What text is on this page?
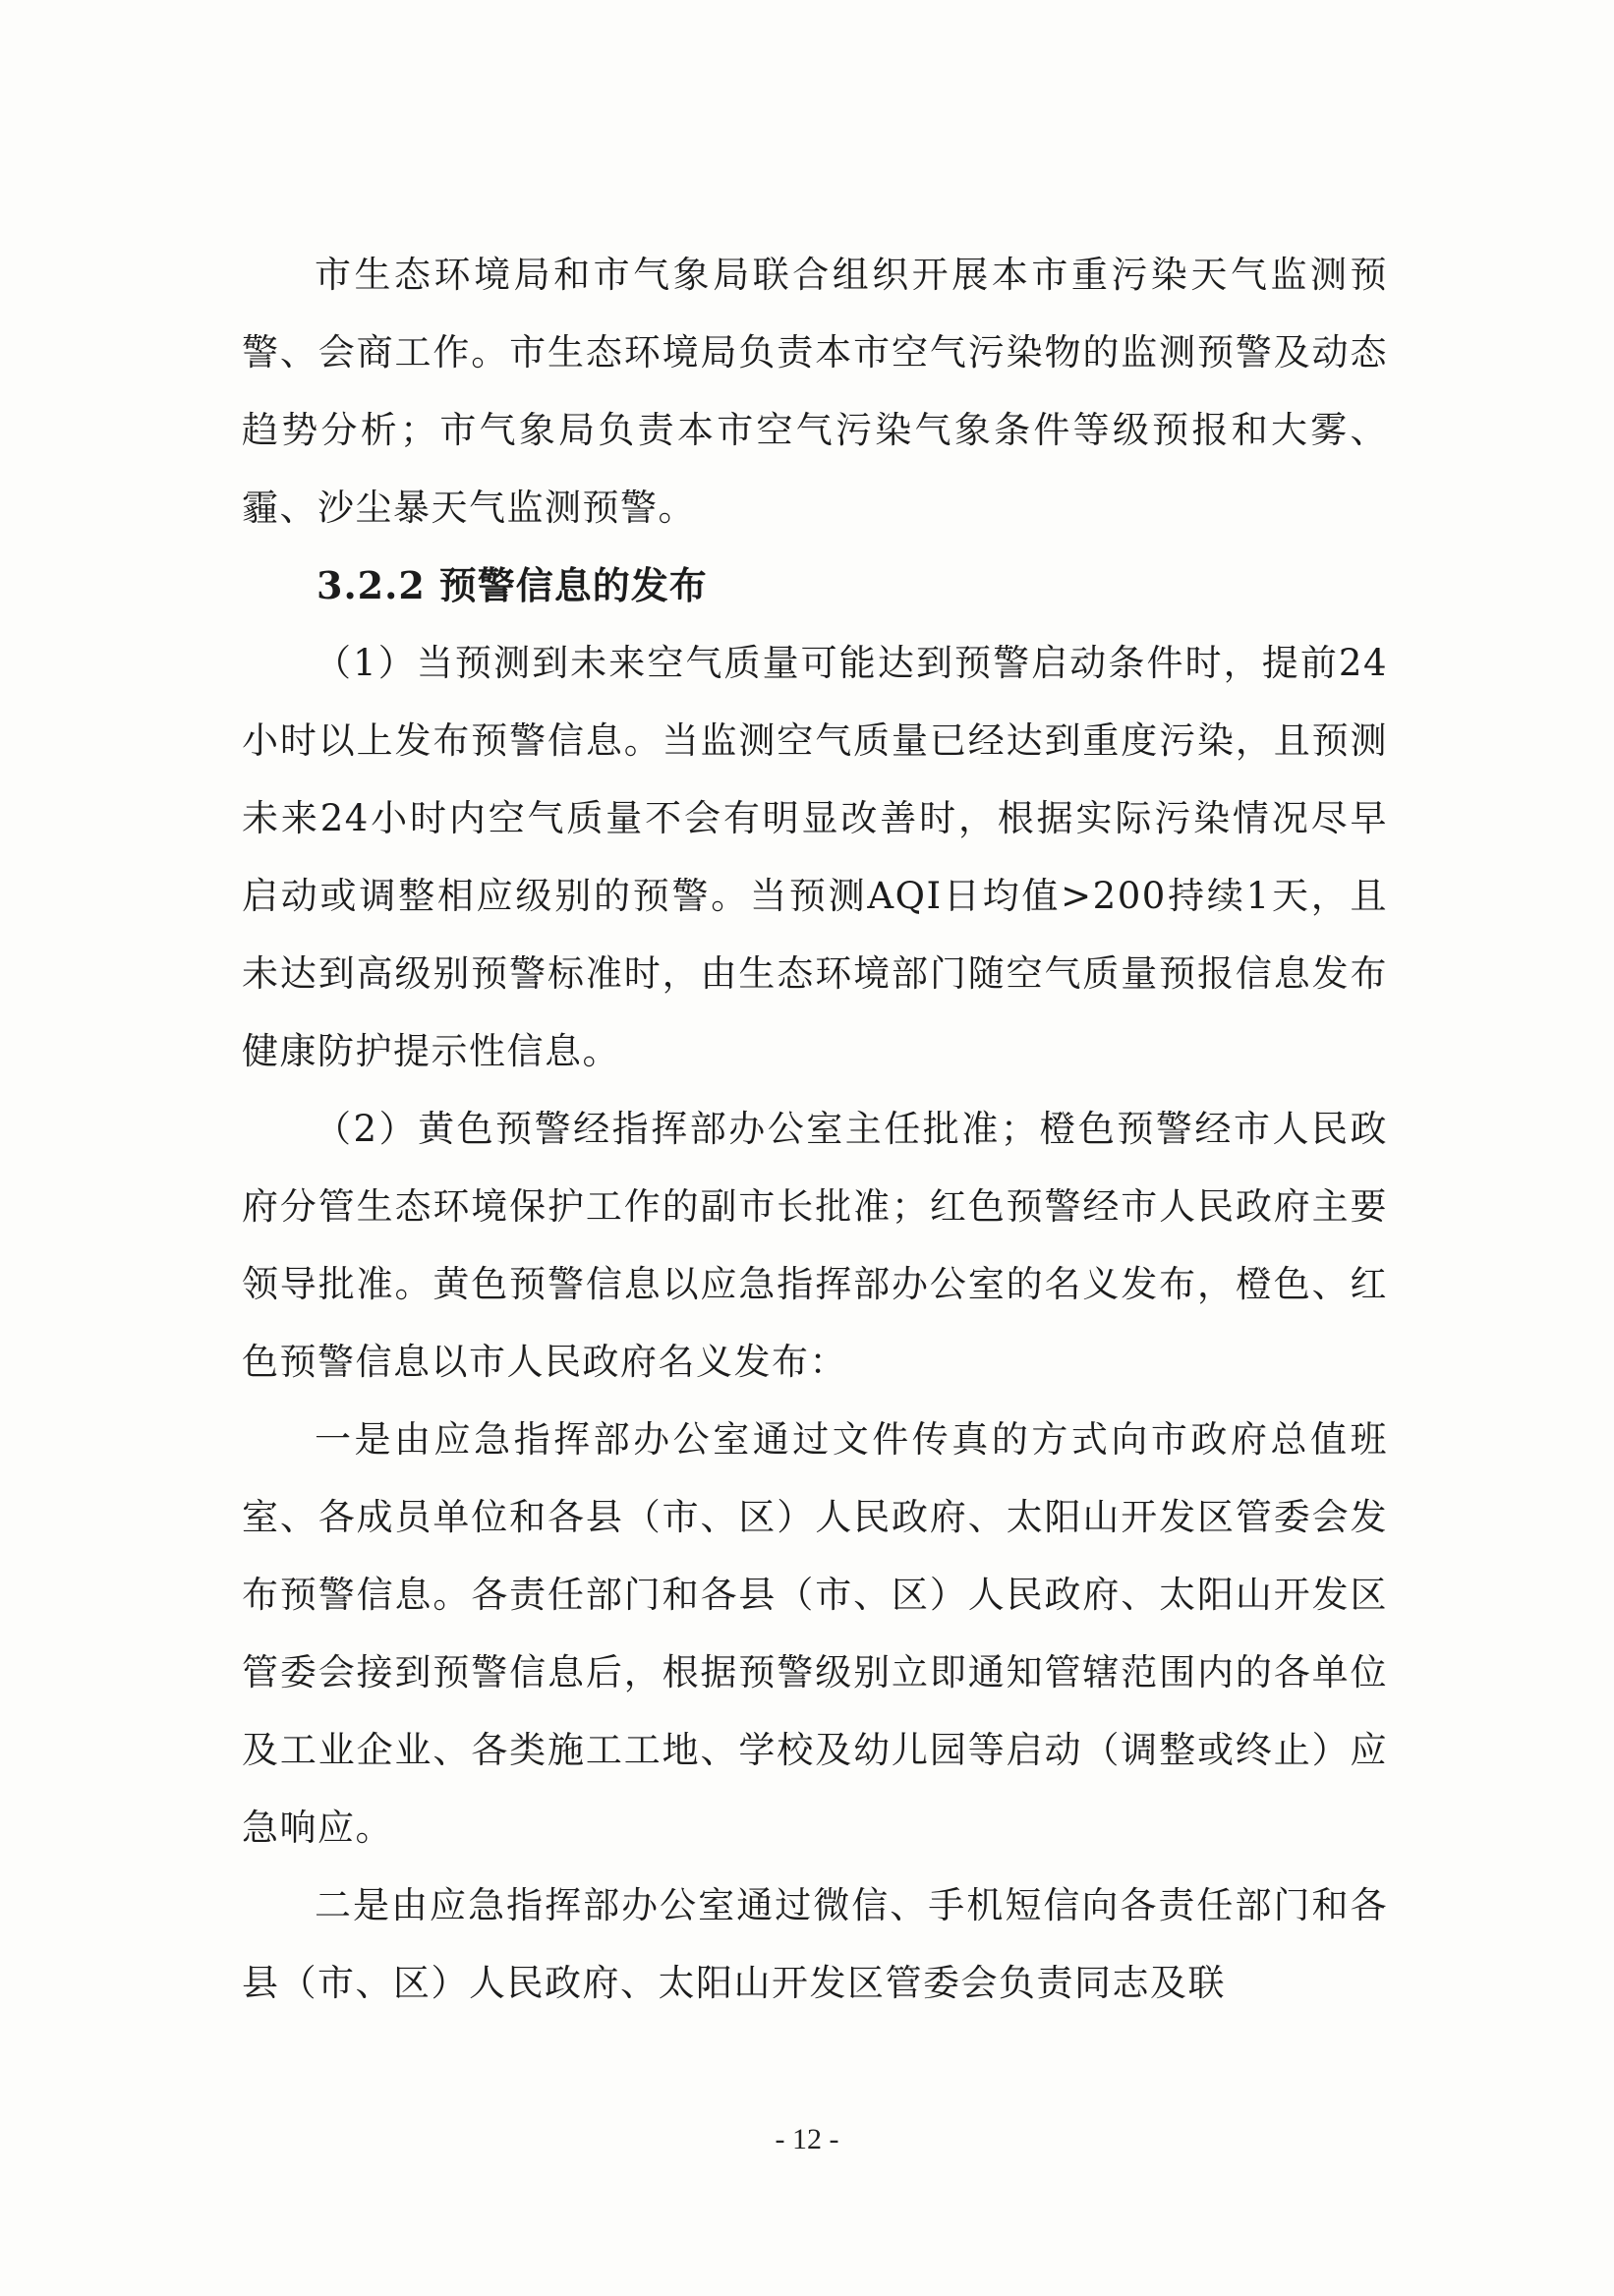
市生态环境局和市气象局联合组织开展本市重污染天气监测预警、会商工作。市生态环境局负责本市空气污染物的监测预警及动态趋势分析；市气象局负责本市空气污染气象条件等级预报和大雾、霾、沙尘暴天气监测预警。

3.2.2 预警信息的发布

（1）当预测到未来空气质量可能达到预警启动条件时，提前24小时以上发布预警信息。当监测空气质量已经达到重度污染，且预测未来24小时内空气质量不会有明显改善时，根据实际污染情况尽早启动或调整相应级别的预警。当预测AQI日均值>200持续1天，且未达到高级别预警标准时，由生态环境部门随空气质量预报信息发布健康防护提示性信息。

（2）黄色预警经指挥部办公室主任批准；橙色预警经市人民政府分管生态环境保护工作的副市长批准；红色预警经市人民政府主要领导批准。黄色预警信息以应急指挥部办公室的名义发布，橙色、红色预警信息以市人民政府名义发布：

一是由应急指挥部办公室通过文件传真的方式向市政府总值班室、各成员单位和各县（市、区）人民政府、太阳山开发区管委会发布预警信息。各责任部门和各县（市、区）人民政府、太阳山开发区管委会接到预警信息后，根据预警级别立即通知管辖范围内的各单位及工业企业、各类施工工地、学校及幼儿园等启动（调整或终止）应急响应。

二是由应急指挥部办公室通过微信、手机短信向各责任部门和各县（市、区）人民政府、太阳山开发区管委会负责同志及联

- 12 -
